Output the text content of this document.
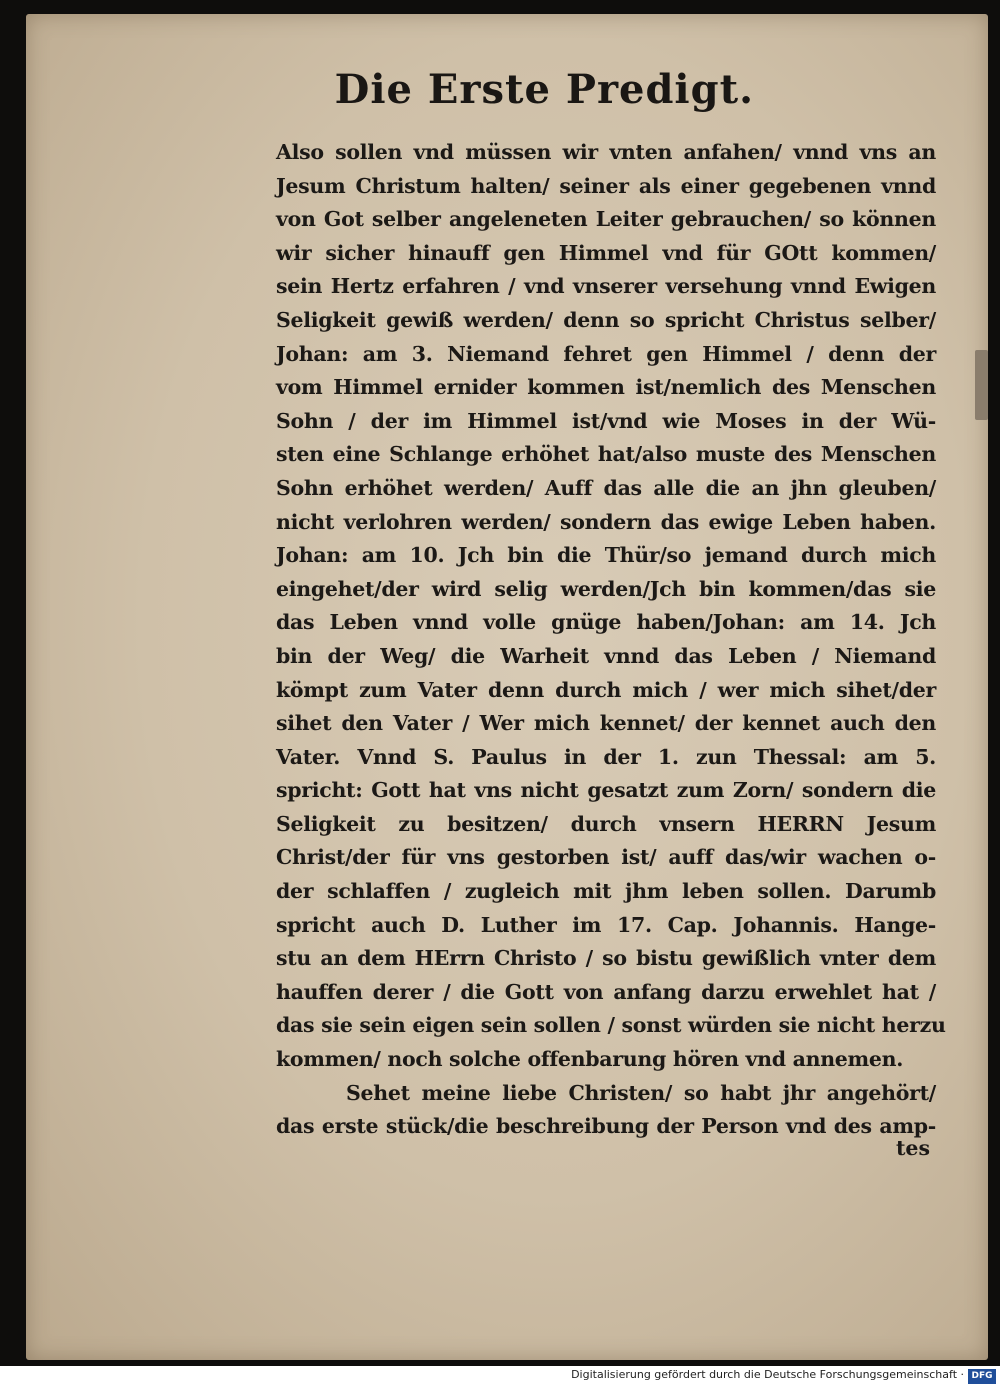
Die Erste Predigt.
Also sollen vnd müssen wir vnten anfahen/ vnnd vns an
Jesum Christum halten/ seiner als einer gegebenen vnnd
von Got selber angeleneten Leiter gebrauchen/ so können
wir sicher hinauff gen Himmel vnd für GOtt kommen/
sein Hertz erfahren / vnd vnserer versehung vnnd Ewigen
Seligkeit gewiß werden/ denn so spricht Christus selber/
Johan: am 3. Niemand fehret gen Himmel / denn der
vom Himmel ernider kommen ist/nemlich des Menschen
Sohn / der im Himmel ist/vnd wie Moses in der Wü-
sten eine Schlange erhöhet hat/also muste des Menschen
Sohn erhöhet werden/ Auff das alle die an jhn gleuben/
nicht verlohren werden/ sondern das ewige Leben haben.
Johan: am 10. Jch bin die Thür/so jemand durch mich
eingehet/der wird selig werden/Jch bin kommen/das sie
das Leben vnnd volle gnüge haben/Johan: am 14. Jch
bin der Weg/ die Warheit vnnd das Leben / Niemand
kömpt zum Vater denn durch mich / wer mich sihet/der
sihet den Vater / Wer mich kennet/ der kennet auch den
Vater. Vnnd S. Paulus in der 1. zun Thessal: am 5.
spricht: Gott hat vns nicht gesatzt zum Zorn/ sondern die
Seligkeit zu besitzen/ durch vnsern HERRN Jesum
Christ/der für vns gestorben ist/ auff das/wir wachen o-
der schlaffen / zugleich mit jhm leben sollen. Darumb
spricht auch D. Luther im 17. Cap. Johannis. Hange-
stu an dem HErrn Christo / so bistu gewißlich vnter dem
hauffen derer / die Gott von anfang darzu erwehlet hat /
das sie sein eigen sein sollen / sonst würden sie nicht herzu
kommen/ noch solche offenbarung hören vnd annemen.
Sehet meine liebe Christen/ so habt jhr angehört/
das erste stück/die beschreibung der Person vnd des amp-
tes
Digitalisierung gefördert durch die Deutsche Forschungsgemeinschaft · DFG
